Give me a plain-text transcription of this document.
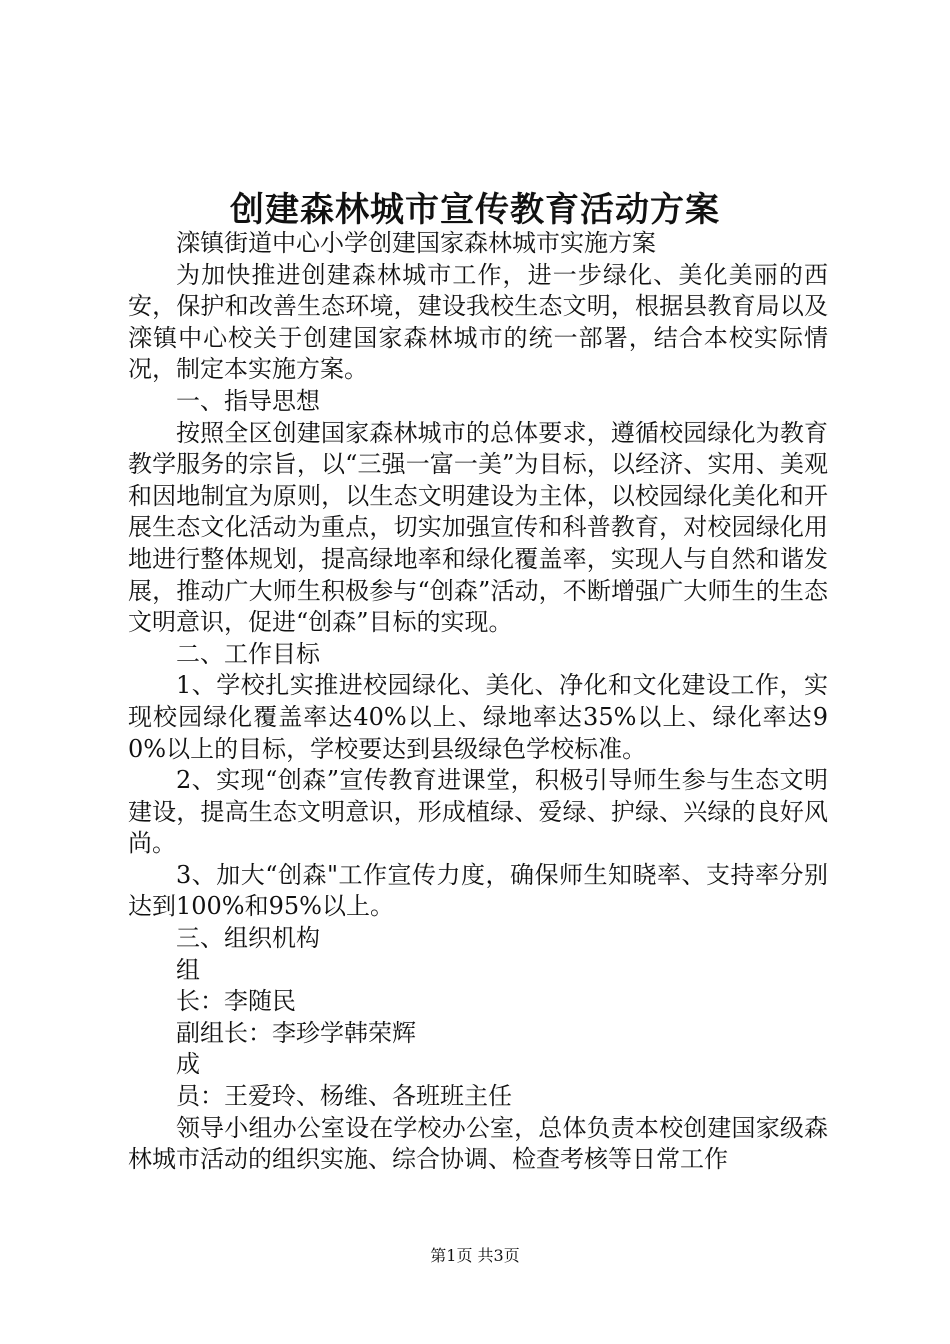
创建森林城市宣传教育活动方案

滦镇街道中心小学创建国家森林城市实施方案

为加快推进创建森林城市工作，进一步绿化、美化美丽的西安，保护和改善生态环境，建设我校生态文明，根据县教育局以及滦镇中心校关于创建国家森林城市的统一部署，结合本校实际情况，制定本实施方案。

一、指导思想

按照全区创建国家森林城市的总体要求，遵循校园绿化为教育教学服务的宗旨，以“三强一富一美”为目标，以经济、实用、美观和因地制宜为原则，以生态文明建设为主体，以校园绿化美化和开展生态文化活动为重点，切实加强宣传和科普教育，对校园绿化用地进行整体规划，提高绿地率和绿化覆盖率，实现人与自然和谐发展，推动广大师生积极参与“创森”活动，不断增强广大师生的生态文明意识，促进“创森”目标的实现。

二、工作目标

1、学校扎实推进校园绿化、美化、净化和文化建设工作，实现校园绿化覆盖率达40%以上、绿地率达35%以上、绿化率达90%以上的目标，学校要达到县级绿色学校标准。

2、实现“创森”宣传教育进课堂，积极引导师生参与生态文明建设，提高生态文明意识，形成植绿、爱绿、护绿、兴绿的良好风尚。

3、加大“创森"工作宣传力度，确保师生知晓率、支持率分别达到100%和95%以上。

三、组织机构

组

长：李随民

副组长：李珍学韩荣辉

成

员：王爱玲、杨维、各班班主任

领导小组办公室设在学校办公室，总体负责本校创建国家级森林城市活动的组织实施、综合协调、检查考核等日常工作

第1页 共3页
